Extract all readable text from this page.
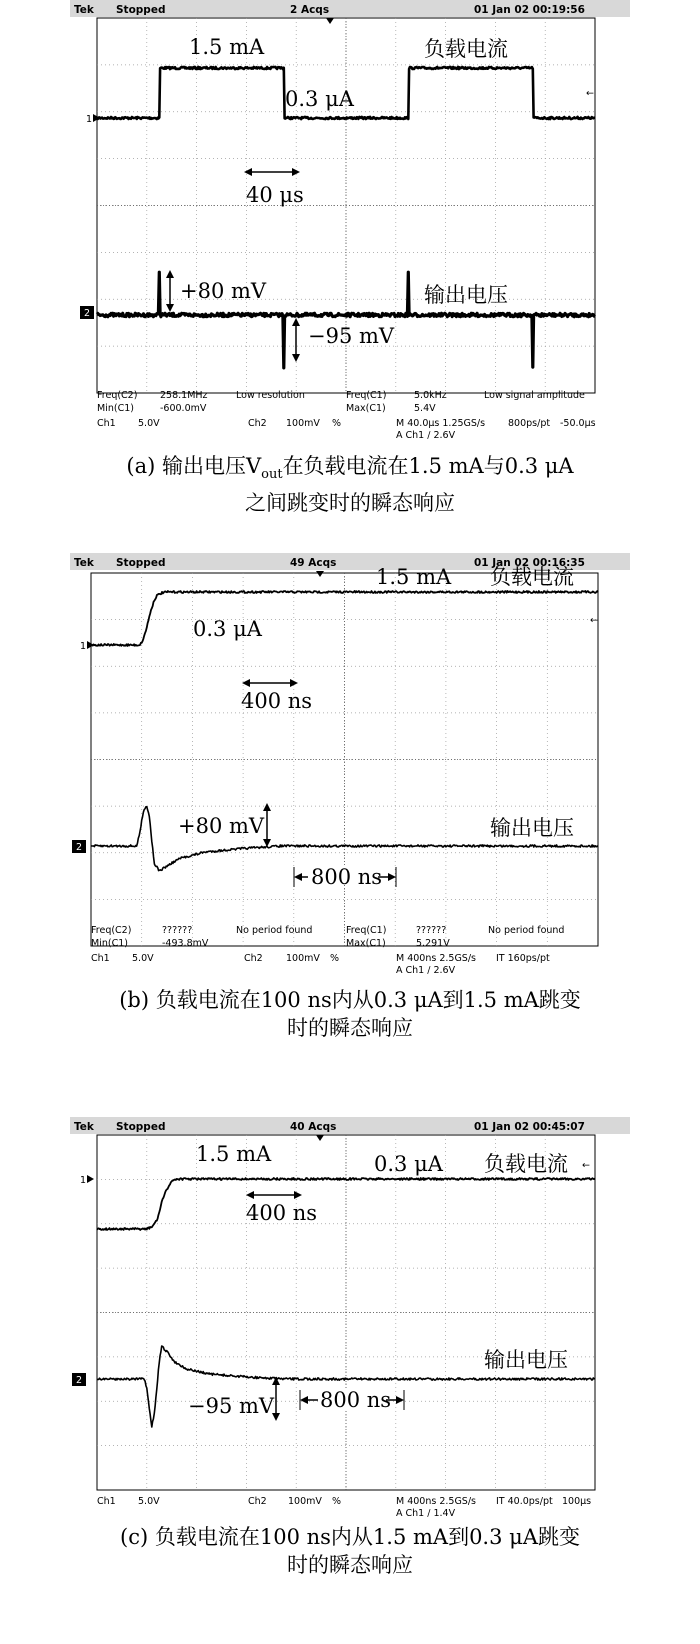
Tek Stopped	2 Acqs	01 Jan 02 00:19:56
1
2
←
1.5 mA
0.3 μA
负载电流
40 μs
+80 mV
−95 mV
输出电压
Freq(C2) 258.1MHz	Low resolution	Freq(C1)	5.0kHz	Low signal amplitude
Min(C1)	-600.0mV	Max(C1)	5.4V
Ch1 5.0V	Ch2 100mV %	M 40.0μs 1.25GS/s 800ps/pt -50.0μs
A Ch1 ∕ 2.6V
(a) 输出电压$V_{out}$在负载电流在1.5 mA与0.3 μA
之间跳变时的瞬态响应
Tek Stopped	49 Acqs	01 Jan 02 00:16:35
1
2
←
1.5 mA 负载电流
0.3 μA
400 ns
+80 mV
800 ns
输出电压
Freq(C2)	??????	No period found	Freq(C1)	??????	No period found
Min(C1)	-493.8mV	Max(C1)	5.291V
Ch1 5.0V	Ch2 100mV %	M 400ns 2.5GS/s IT 160ps/pt
A Ch1 ∕ 2.6V
(b) 负载电流在100 ns内从0.3 μA到1.5 mA跳变
时的瞬态响应
Tek Stopped	40 Acqs	01 Jan 02 00:45:07
1
2
1.5 mA	0.3 μA 负载电流 ←
400 ns
−95 mV 800 ns
输出电压
Ch1 5.0V	Ch2 100mV %	M 400ns 2.5GS/s IT 40.0ps/pt 100μs
A Ch1 ∕ 1.4V
(c) 负载电流在100 ns内从1.5 mA到0.3 μA跳变
时的瞬态响应
